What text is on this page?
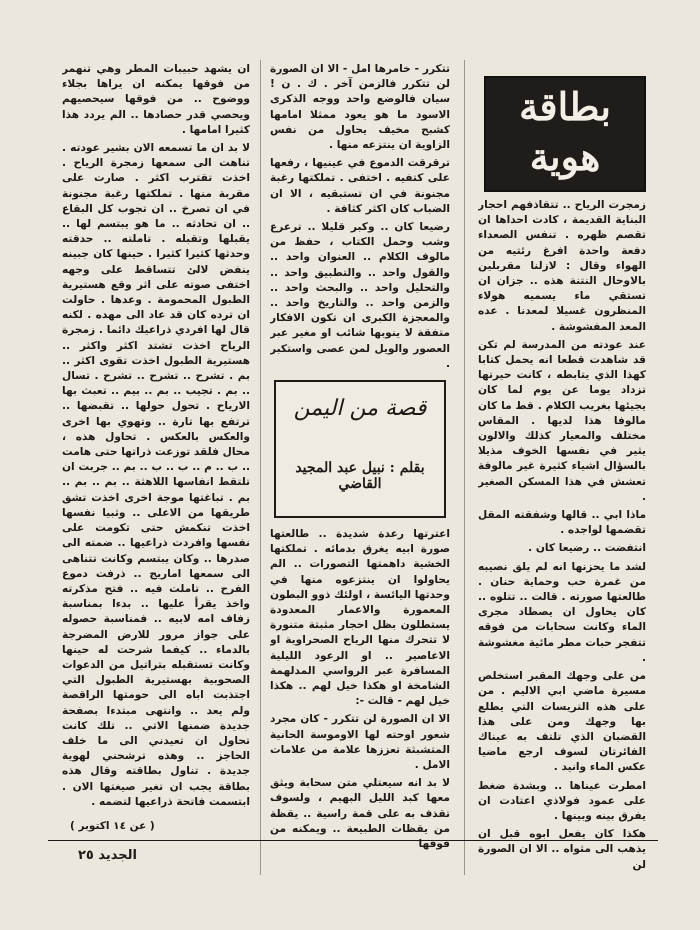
بطاقة
هوية

زمجرت الرياح .. تتقاذفهم احجار البناية القديمة ، كادت احداها ان تقصم ظهره . تنفس الصعداء دفعة واحدة افرغ رئتيه من الهواء وقال : لازلنا مقربلين بالاوحال النتنة هذه .. جزان ان تستقي ماء يسميه هولاء المنظرون غسيلا لمعدنا . عده المعد المفشوشة .

عند عودته من المدرسة لم تكن قد شاهدت قطعا انه يحمل كتابا كهذا الذي يتابطه ، كانت حيرتها تزداد يوما عن يوم لما كان يجيئها بغريب الكلام . قط ما كان مالوفا هذا لديها . المقاس مختلف والمعيار كذلك والالون يثير في نفسها الخوف مذيلا بالسؤال اشياء كثيرة غير مالوفة تعشش في هذا المسكن الصغير .

ماذا ابي .. قالها وشفقته المقل تقضمها لواجده .

انتفضت .. رضيعا كان .

لشد ما يحزنها انه لم يلق نصيبه من غمرة حب وحماية حنان . طالعتها صورته . قالت .. تتلوه .. كان يحاول ان يصطاد مجرى الماء وكانت سحابات من فوقه تتفجر حبات مطر مائية مغشوشة .

من على وجهك المقبر استخلص مسيرة ماضي ابي الاليم . من على هذه التريسات التي يطلع بها وجهك ومن على هذا القضبان الذي تلتف به عيناك الفائرتان لسوف ارجع ماضيا عكس الماء وانيد .

امطرت عيناها .. وبشدة ضغط على عمود فولاذي اعتادت ان يفرق بينه وبينها .

هكذا كان يفعل ابوه قبل ان يذهب الى مثواه .. الا ان الصورة لن

تتكرر - خامرها امل - الا ان الصورة لن تتكرر فالزمن آخر . ك . ن ! سيان فالوضع واحد ووجه الذكرى الاسود ما هو يعود ممثلا امامها كشبح مخيف يحاول من نفس الزاوية ان ينتزعه منها .

ترقرقت الدموع في عينيها ، رفعها على كتفيه . اختفى . تملكتها رغبة مجنونة في ان تستبقيه ، الا ان الضباب كان اكثر كثافة .

رضيعا كان .. وكبر قليلا .. ترعرع وشب وحمل الكتاب ، حفظ من مالوف الكلام .. العنوان واحد .. والقول واحد .. والتطبيق واحد .. والتحليل واحد .. والبحث واحد .. والزمن واحد .. والتاريخ واحد .. والمعجزة الكبرى ان تكون الافكار متفقة لا ينوبها شائب او مغير عبر العصور والويل لمن عصى واستكبر .

قصة من اليمن
بقلم : نبيل عبد المجيد القاضي

اعترتها رعدة شديدة .. طالعتها صورة ابيه يغرق بدمائه . تملكتها الخشية داهمتها التصورات .. الم يحاولوا ان ينتزعوه منها في وحدتها اليائسة ، اولئك ذوو البطون المعمورة والاعمار المعدودة يستطلون بظل احجار مثبتة متنورة لا تتحرك منها الرياح الصحراوية او الاعاصير .. او الرعود الليلية المسافرة عبر الرواسي المدلهمة الشامخة او هكذا خيل لهم .. هكذا خيل لهم - قالت -:

الا ان الصورة لن تتكرر - كان مجرد شعور اوحته لها الاوموسة الحانية المتشبثة تعززها علامة من علامات الامل .

لا بد انه سيعتلي متن سحابة ويثق معها كبد الليل البهيم ، ولسوف تقذف به على قمة راسية .. يقظة من يقظات الطبيعة .. ويمكنه من فوقها

ان يشهد حبيبات المطر وهي تنهمر من فوقها يمكنه ان يراها بجلاء ووضوح .. من فوقها سيحصيهم ويحصي قدر حصادها .. الم يردد هذا كثيرا امامها .

لا بد ان ما تسمعه الان بشير عودته . تناهت الى سمعها زمجرة الرياح . اخذت تقترب اكثر . صارت على مقربة منها . تملكتها رغبة مجنونة في ان تصرخ .. ان تجوب كل البقاع .. ان تحادثه .. ما هو يبتسم لها .. يقبلها وتقبله . تاملته .. حدقته وحدثها كثيرا كثيرا . حينها كان جبينه ينفض لالئ تتساقط على وجهه اختفى صوته على اثر وقع هستيرية الطبول المحمومة . وعدها . حاولت ان ترده كان قد عاد الى مهده . لكنه قال لها افردي ذراعيك دائما . زمجرة الرياح اخذت تشتد اكثر واكثر .. هستيرية الطبول اخذت تقوى اكثر .. بم . تشرح .. تشرح .. تشرح . تسال .. بم . تجيب .. بم .. بيم .. تعبث بها الارياح . تحول حولها .. تقبضها .. ترتفع بها تارة .. وتهوي بها اخرى والعكس بالعكس . تحاول هذه ، محال فلقد توزعت ذراتها حتى هامت .. ب .. م .. ب .. ب .. بم .. جربت ان تلتقط انفاسها اللاهثة .. بم .. بم .. بم . تباغتها موجة اخرى اخذت تشق طريقها من الاعلى .. وثبيا نفسها اخذت تنكمش حتى تكومت على نفسها وافردت ذراعيها .. ضمته الى صدرها .. وكان يبتسم وكانت تتناهى الى سمعها اماريج .. ذرفت دموع الفرح .. تاملت فيه .. فتح مذكرته واخذ يقرأ عليها .. بدءا بمناسبة زفاف امه لابيه .. فمناسبة حصوله على جواز مرور للارض المضرجة بالدماء .. كيفما شرحت له حينها وكانت تستقبله بتراتيل من الدعوات الصحوبية بهستيرية الطبول التي اجتذبت اباه الى حومتها الراقصة ولم يعد .. وانتهى مبتدءا بصفحة جديدة ضمنها الاتي .. تلك كانت تحاول ان تعيدني الى ما خلف الحاجز .. وهذه ترشحني لهوية جديدة . تناول بطاقته وقال هذه بطاقة يجب ان تغير صيغتها الان . ابتسمت فاتحة ذراعيها لتضمه .

( عن ١٤ اكتوبر )
الجديد ٢٥
